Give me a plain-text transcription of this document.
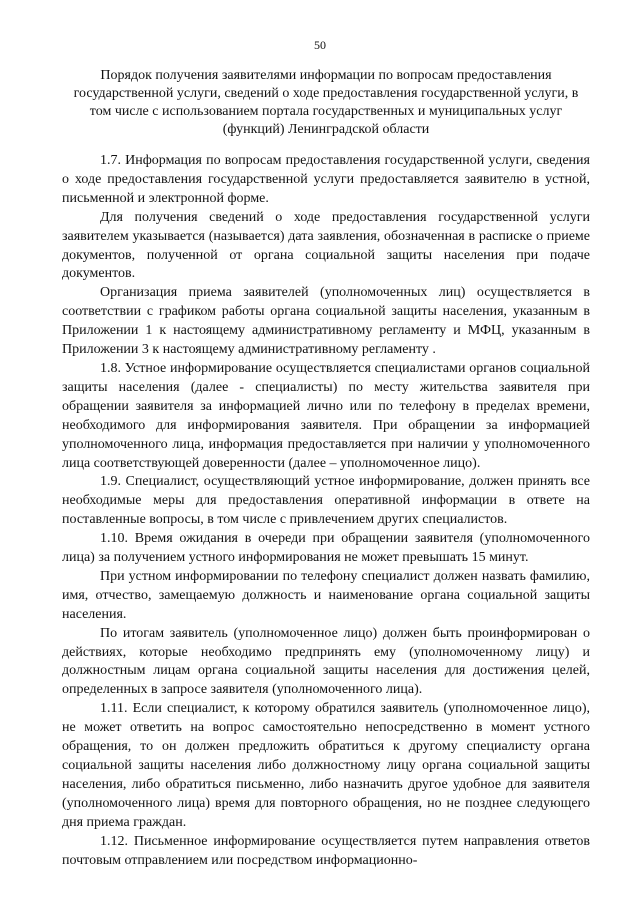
50
Порядок получения заявителями информации по вопросам предоставления государственной услуги, сведений о ходе предоставления государственной услуги, в том числе с использованием портала государственных и муниципальных услуг (функций) Ленинградской области

1.7. Информация по вопросам предоставления государственной услуги, сведения о ходе предоставления государственной услуги предоставляется заявителю в устной, письменной и электронной форме.

Для получения сведений о ходе предоставления государственной услуги заявителем указывается (называется) дата заявления, обозначенная в расписке о приеме документов, полученной от органа социальной защиты населения при подаче документов.

Организация приема заявителей (уполномоченных лиц) осуществляется в соответствии с графиком работы органа социальной защиты населения, указанным в Приложении 1 к настоящему административному регламенту и МФЦ, указанным в Приложении 3 к настоящему административному регламенту .

1.8. Устное информирование осуществляется специалистами органов социальной защиты населения (далее - специалисты) по месту жительства заявителя при обращении заявителя за информацией лично или по телефону в пределах времени, необходимого для информирования заявителя. При обращении за информацией уполномоченного лица, информация предоставляется при наличии у уполномоченного лица соответствующей доверенности (далее – уполномоченное лицо).

1.9. Специалист, осуществляющий устное информирование, должен принять все необходимые меры для предоставления оперативной информации в ответе на поставленные вопросы, в том числе с привлечением других специалистов.

1.10. Время ожидания в очереди при обращении заявителя (уполномоченного лица) за получением устного информирования не может превышать 15 минут.

При устном информировании по телефону специалист должен назвать фамилию, имя, отчество, замещаемую должность и наименование органа социальной защиты населения.

По итогам заявитель (уполномоченное лицо) должен быть проинформирован о действиях, которые необходимо предпринять ему (уполномоченному лицу) и должностным лицам органа социальной защиты населения для достижения целей, определенных в запросе заявителя (уполномоченного лица).

1.11. Если специалист, к которому обратился заявитель (уполномоченное лицо), не может ответить на вопрос самостоятельно непосредственно в момент устного обращения, то он должен предложить обратиться к другому специалисту органа социальной защиты населения либо должностному лицу органа социальной защиты населения, либо обратиться письменно, либо назначить другое удобное для заявителя (уполномоченного лица) время для повторного обращения, но не позднее следующего дня приема граждан.

1.12. Письменное информирование осуществляется путем направления ответов почтовым отправлением или посредством информационно-
